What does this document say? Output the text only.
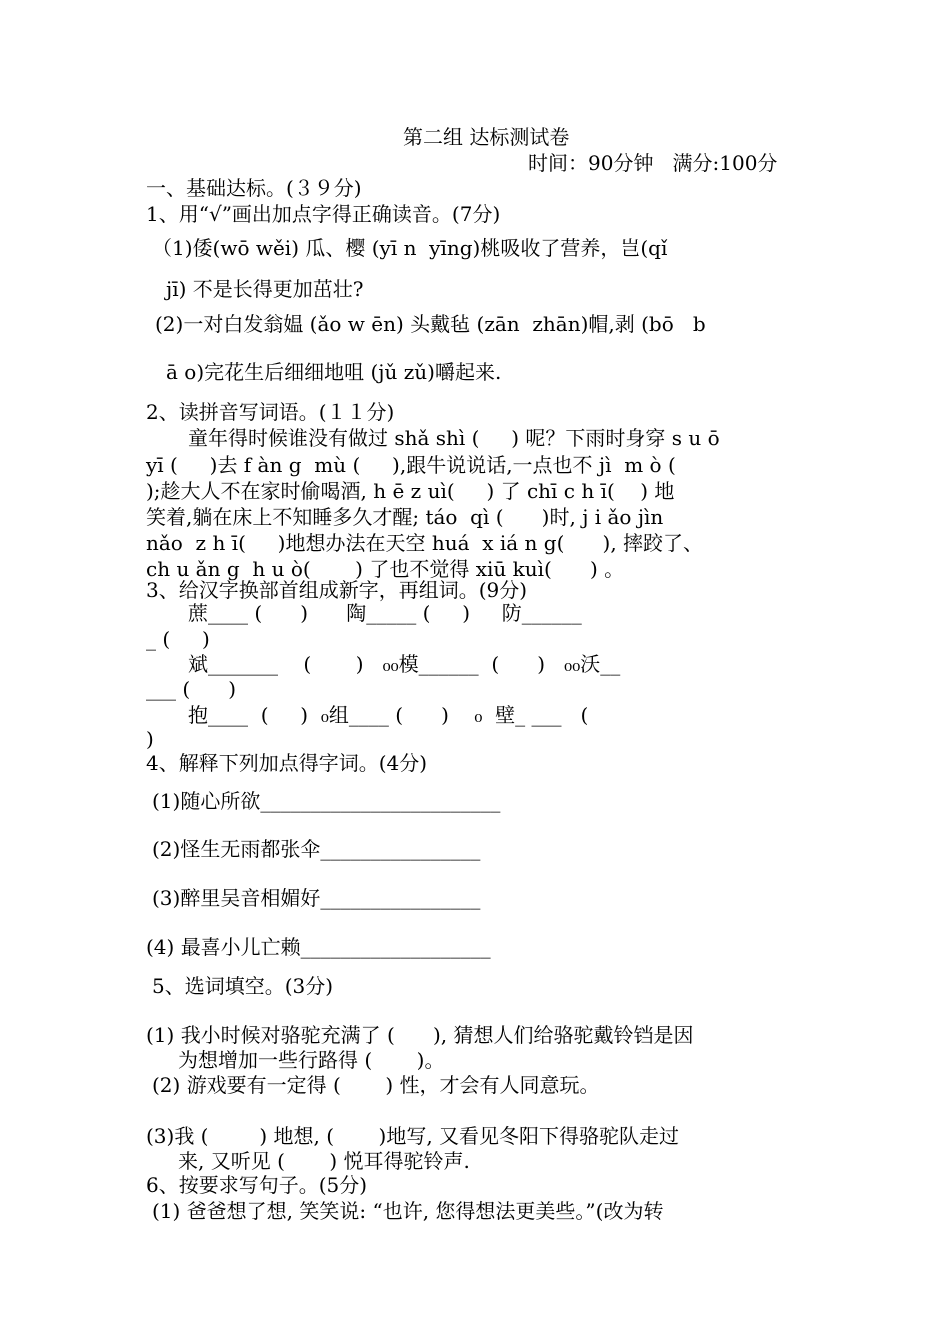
第二组 达标测试卷
时间：90分钟   满分:100分
一、基础达标。(３９分)
1、用“√”画出加点字得正确读音。(7分)
（1)倭(wō wěi) 瓜、樱 (yī n  yīng)桃吸收了营养，岂(qǐ
jī) 不是长得更加茁壮?
(2)一对白发翁媪 (ǎo w ēn) 头戴毡 (zān  zhān)帽,剥 (bō   b
ā o)完花生后细细地咀 (jǔ zǔ)嚼起来.
2、读拼音写词语。(１１分)
童年得时候谁没有做过 shǎ shì (     ) 呢？下雨时身穿 s u ō
yī (     )去 f àn g  mù (     ),跟牛说说话,一点也不 jì  m ò (
);趁大人不在家时偷喝酒, h ē z uì(     ) 了 chī c h ī(    ) 地
笑着,躺在床上不知睡多久才醒; táo  qì (      )时, j i ǎo jìn
nǎo  z h ī(     )地想办法在天空 huá  x iá n g(      ), 摔跤了、
ch u ǎn g  h u ò(       ) 了也不觉得 xiū kuì(      ) 。
3、给汉字换部首组成新字，再组词。(9分)
蔗____ (      )      陶_____ (     )     防______
_ (     )
斌_______    (       )   ₀₀模______  (      )   ₀₀沃__
___ (      )
抱____  (     )  ₀组____ (      )    ₀  壁_ ___   (
)
4、解释下列加点得字词。(4分)
(1)随心所欲________________________
(2)怪生无雨都张伞________________
(3)醉里吴音相媚好________________
(4) 最喜小儿亡赖___________________
5、选词填空。(3分)
(1) 我小时候对骆驼充满了 (      ), 猜想人们给骆驼戴铃铛是因
为想增加一些行路得 (       )。
(2) 游戏要有一定得 (       ) 性，才会有人同意玩。
(3)我 (        ) 地想, (       )地写, 又看见冬阳下得骆驼队走过
来, 又听见 (       ) 悦耳得驼铃声.
6、按要求写句子。(5分)
(1) 爸爸想了想, 笑笑说: “也许, 您得想法更美些。”(改为转
